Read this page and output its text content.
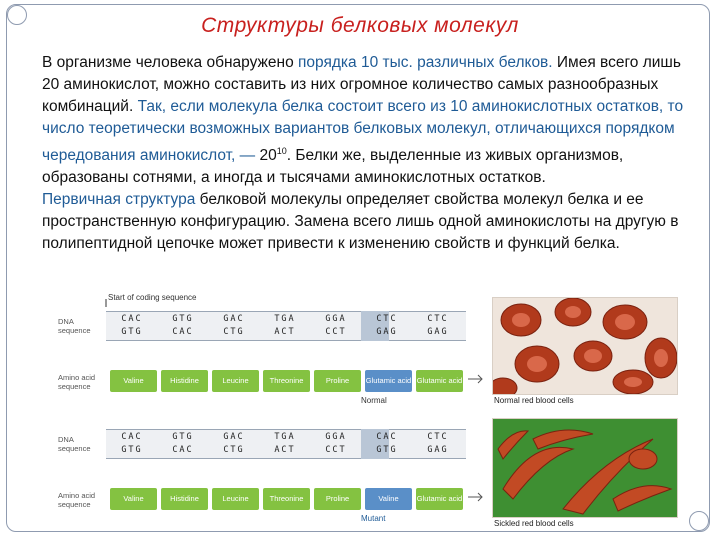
Структуры белковых молекул
В организме человека обнаружено порядка 10 тыс. различных белков. Имея всего лишь 20 аминокислот, можно составить из них огромное количество самых разнообразных комбинаций. Так, если молекула белка состоит всего из 10 аминокислотных остатков, то число теоретически возможных вариантов белковых молекул, отличающихся порядком чередования аминокислот, — $20^{10}$. Белки же, выделенные из живых организмов, образованы сотнями, а иногда и тысячами аминокислотных остатков.
Первичная структура белковой молекулы определяет свойства молекул белка и ее пространственную конфигурацию. Замена всего лишь одной аминокислоты на другую в полипептидной цепочке может привести к изменению свойств и функций белка.
Start of coding sequence
DNA sequence
CAC	GTG	GAC	TGA	GGA	CTC	CTC
GTG	CAC	CTG	ACT	CCT	GAG	GAG
Amino acid sequence
Valine	Histidine	Leucine	Threonine	Proline	Glutamic acid Glutamic acid
Normal
DNA sequence
CAC	GTG	GAC	TGA	GGA	CAC	CTC
GTG	CAC	CTG	ACT	CCT	GTG	GAG
Amino acid sequence
Valine	Histidine	Leucine	Threonine	Proline	Valine	Glutamic acid
Mutant
Normal red blood cells
Sickled red blood cells
